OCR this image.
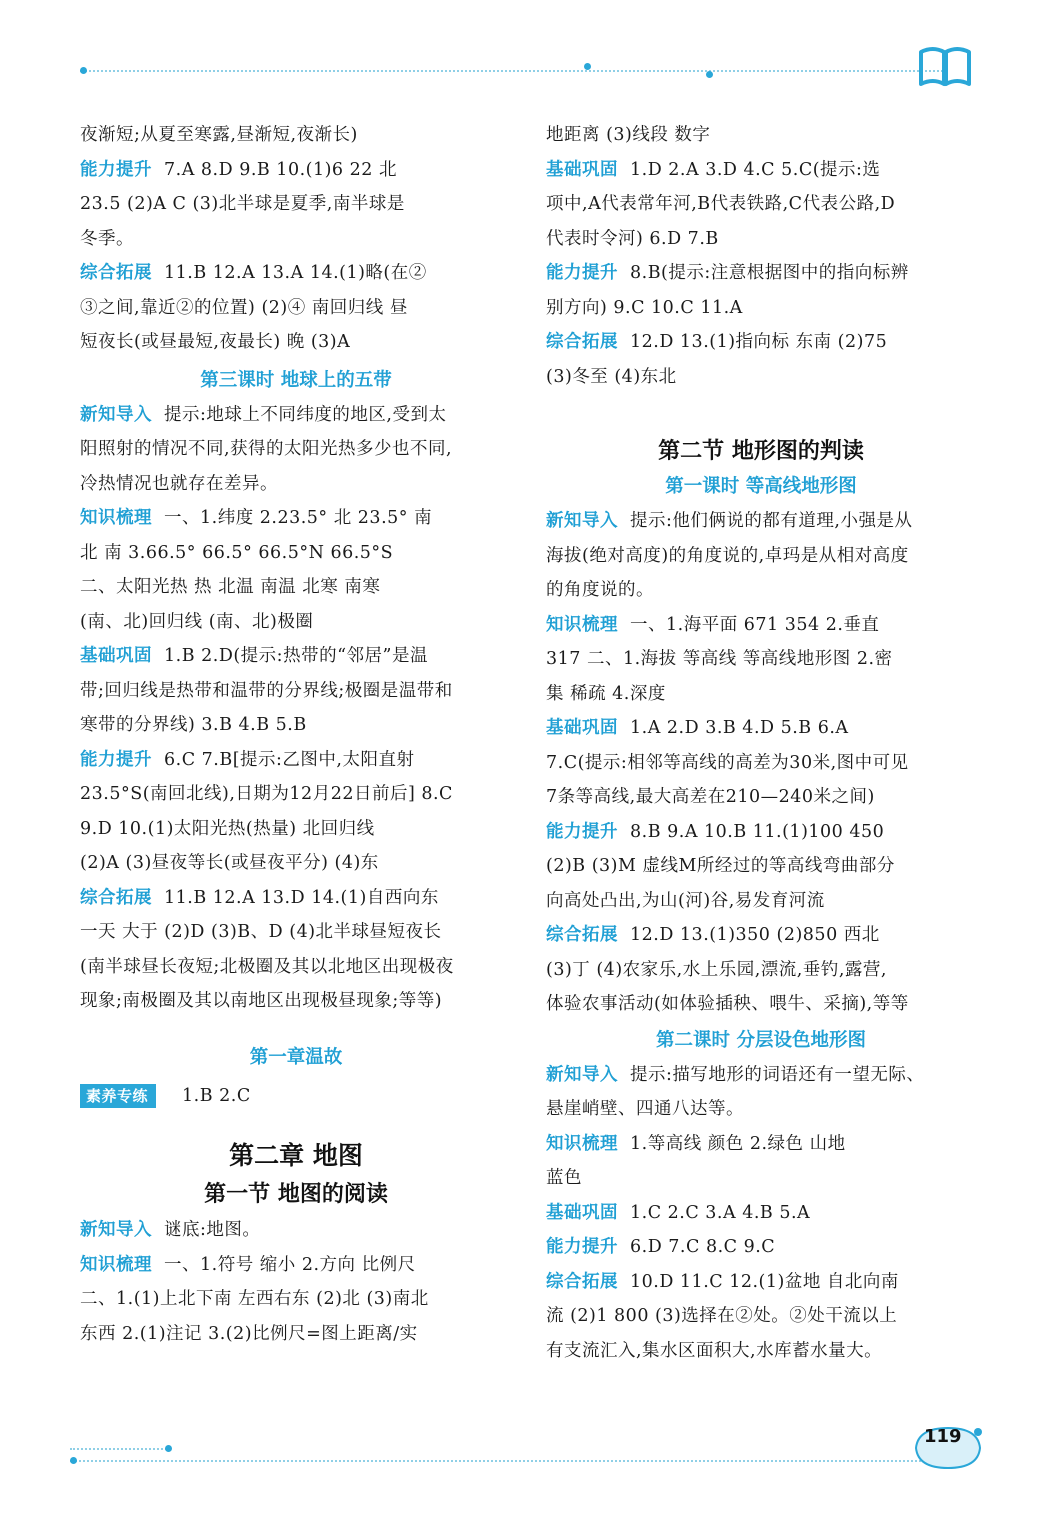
夜渐短;从夏至寒露,昼渐短,夜渐长)
能力提升 7.A 8.D 9.B 10.(1)6 22 北
23.5 (2)A C (3)北半球是夏季,南半球是
冬季。
综合拓展 11.B 12.A 13.A 14.(1)略(在②
③之间,靠近②的位置) (2)④ 南回归线 昼
短夜长(或昼最短,夜最长) 晚 (3)A
第三课时 地球上的五带
新知导入 提示:地球上不同纬度的地区,受到太
阳照射的情况不同,获得的太阳光热多少也不同,
冷热情况也就存在差异。
知识梳理 一、1.纬度 2.23.5° 北 23.5° 南
北 南 3.66.5° 66.5° 66.5°N 66.5°S
二、太阳光热 热 北温 南温 北寒 南寒
(南、北)回归线 (南、北)极圈
基础巩固 1.B 2.D(提示:热带的“邻居”是温
带;回归线是热带和温带的分界线;极圈是温带和
寒带的分界线) 3.B 4.B 5.B
能力提升 6.C 7.B[提示:乙图中,太阳直射
23.5°S(南回北线),日期为12月22日前后] 8.C
9.D 10.(1)太阳光热(热量) 北回归线
(2)A (3)昼夜等长(或昼夜平分) (4)东
综合拓展 11.B 12.A 13.D 14.(1)自西向东
一天 大于 (2)D (3)B、D (4)北半球昼短夜长
(南半球昼长夜短;北极圈及其以北地区出现极夜
现象;南极圈及其以南地区出现极昼现象;等等)
第一章温故
素养专练 1.B 2.C
第二章 地图
第一节 地图的阅读
新知导入 谜底:地图。
知识梳理 一、1.符号 缩小 2.方向 比例尺
二、1.(1)上北下南 左西右东 (2)北 (3)南北
东西 2.(1)注记 3.(2)比例尺=图上距离/实
地距离 (3)线段 数字
基础巩固 1.D 2.A 3.D 4.C 5.C(提示:选
项中,A代表常年河,B代表铁路,C代表公路,D
代表时令河) 6.D 7.B
能力提升 8.B(提示:注意根据图中的指向标辨
别方向) 9.C 10.C 11.A
综合拓展 12.D 13.(1)指向标 东南 (2)75
(3)冬至 (4)东北
第二节 地形图的判读
第一课时 等高线地形图
新知导入 提示:他们俩说的都有道理,小强是从
海拔(绝对高度)的角度说的,卓玛是从相对高度
的角度说的。
知识梳理 一、1.海平面 671 354 2.垂直
317 二、1.海拔 等高线 等高线地形图 2.密
集 稀疏 4.深度
基础巩固 1.A 2.D 3.B 4.D 5.B 6.A
7.C(提示:相邻等高线的高差为30米,图中可见
7条等高线,最大高差在210—240米之间)
能力提升 8.B 9.A 10.B 11.(1)100 450
(2)B (3)M 虚线M所经过的等高线弯曲部分
向高处凸出,为山(河)谷,易发育河流
综合拓展 12.D 13.(1)350 (2)850 西北
(3)丁 (4)农家乐,水上乐园,漂流,垂钓,露营,
体验农事活动(如体验插秧、喂牛、采摘),等等
第二课时 分层设色地形图
新知导入 提示:描写地形的词语还有一望无际、
悬崖峭壁、四通八达等。
知识梳理 1.等高线 颜色 2.绿色 山地
蓝色
基础巩固 1.C 2.C 3.A 4.B 5.A
能力提升 6.D 7.C 8.C 9.C
综合拓展 10.D 11.C 12.(1)盆地 自北向南
流 (2)1 800 (3)选择在②处。②处干流以上
有支流汇入,集水区面积大,水库蓄水量大。
119
